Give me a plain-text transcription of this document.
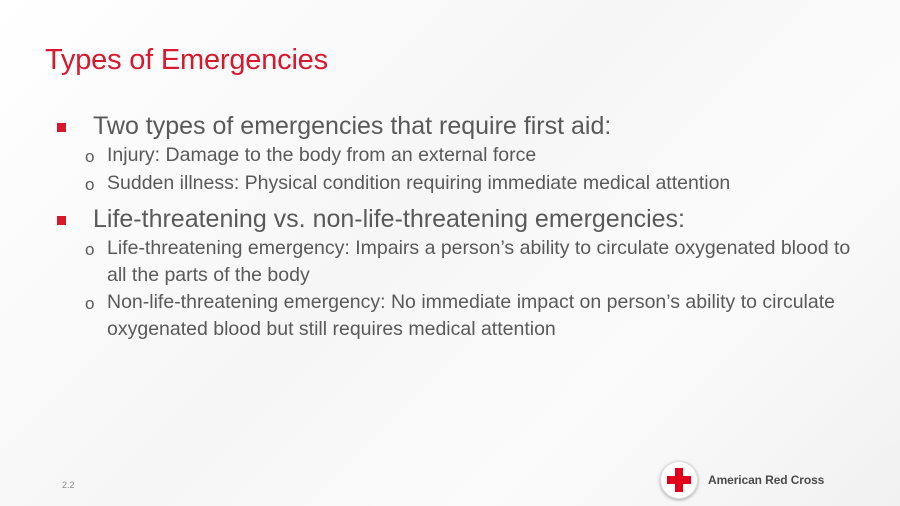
Types of Emergencies
Two types of emergencies that require first aid:
o Injury: Damage to the body from an external force
o Sudden illness: Physical condition requiring immediate medical attention
Life-threatening vs. non-life-threatening emergencies:
o Life-threatening emergency: Impairs a person’s ability to circulate oxygenated blood to all the parts of the body
o Non-life-threatening emergency: No immediate impact on person’s ability to circulate oxygenated blood but still requires medical attention
2.2	American Red Cross
